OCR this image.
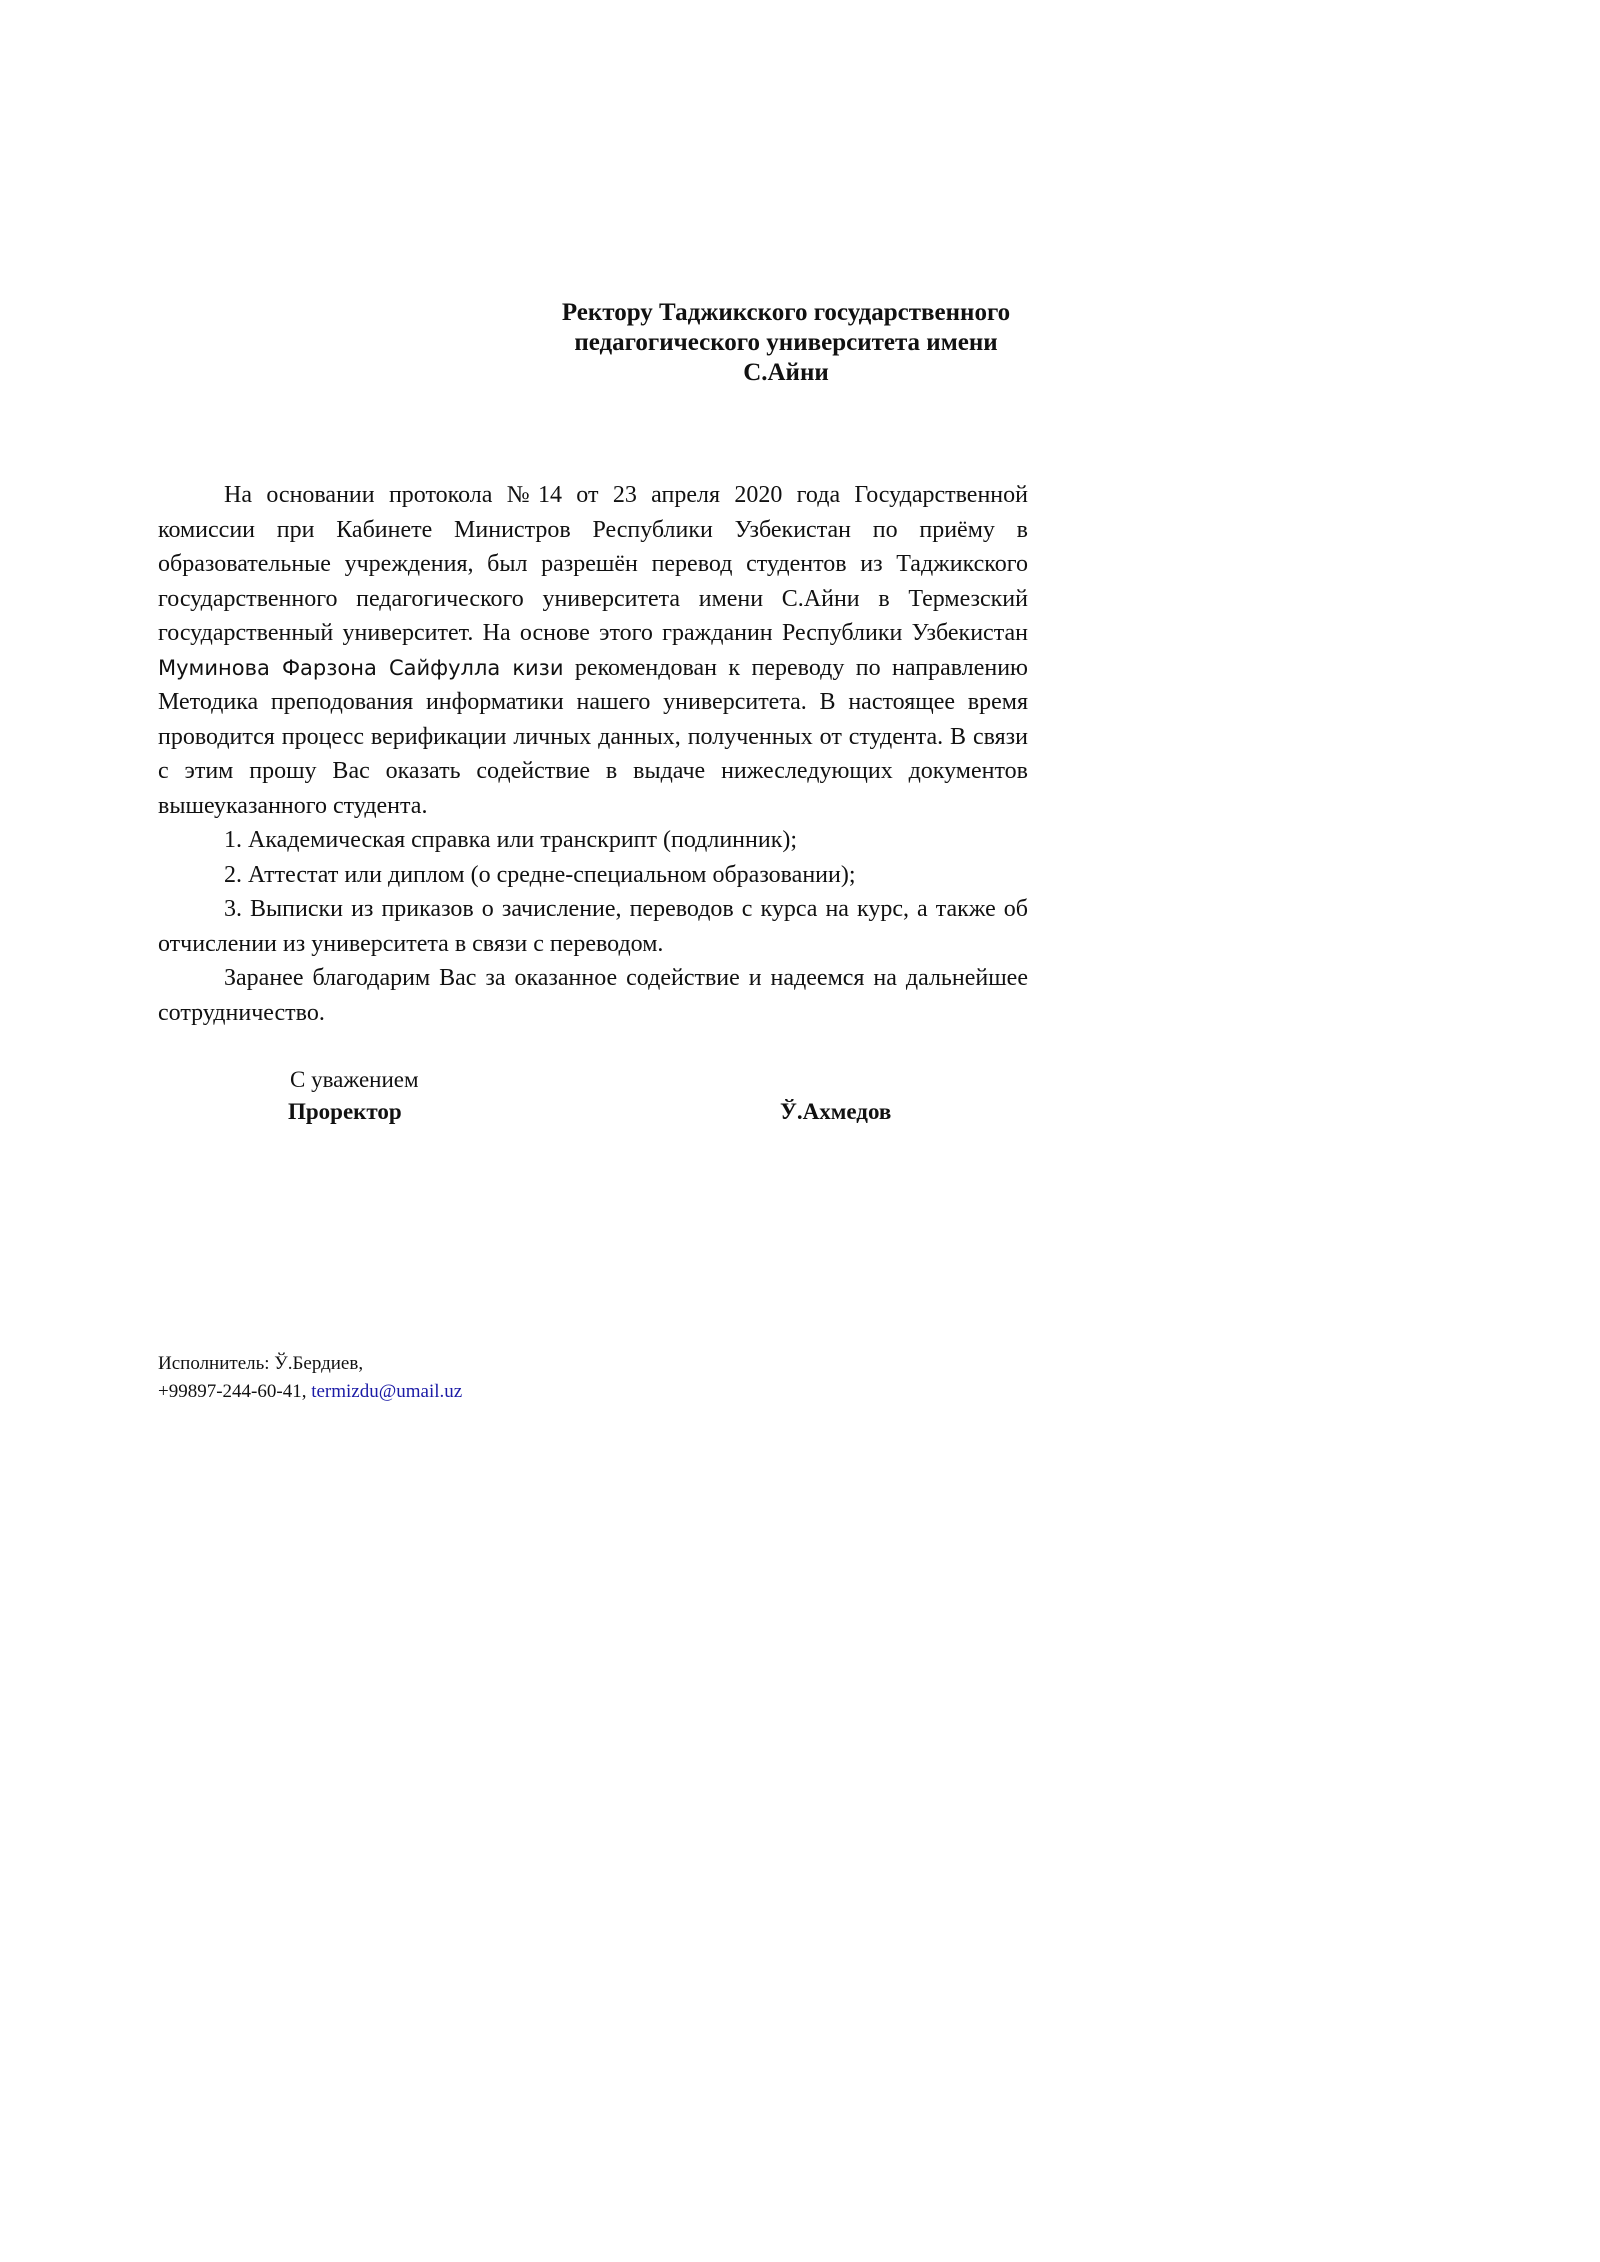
Ректору Таджикского государственного
педагогического университета имени
С.Айни

На основании протокола №14 от 23 апреля 2020 года Государственной комиссии при Кабинете Министров Республики Узбекистан по приёму в образовательные учреждения, был разрешён перевод студентов из Таджикского государственного педагогического университета имени С.Айни в Термезский государственный университет. На основе этого гражданин Республики Узбекистан Муминова Фарзона Сайфулла кизи рекомендован к переводу по направлению Методика преподования информатики нашего университета. В настоящее время проводится процесс верификации личных данных, полученных от студента. В связи с этим прошу Вас оказать содействие в выдаче нижеследующих документов вышеуказанного студента.

1. Академическая справка или транскрипт (подлинник);

2. Аттестат или диплом (о средне-специальном образовании);

3. Выписки из приказов о зачисление, переводов с курса на курс, а также об отчислении из университета в связи с переводом.

Заранее благодарим Вас за оказанное содействие и надеемся на дальнейшее сотрудничество.

С уважением
Проректор	Ў.Ахмедов
Исполнитель: Ў.Бердиев,
+99897-244-60-41, termizdu@umail.uz
